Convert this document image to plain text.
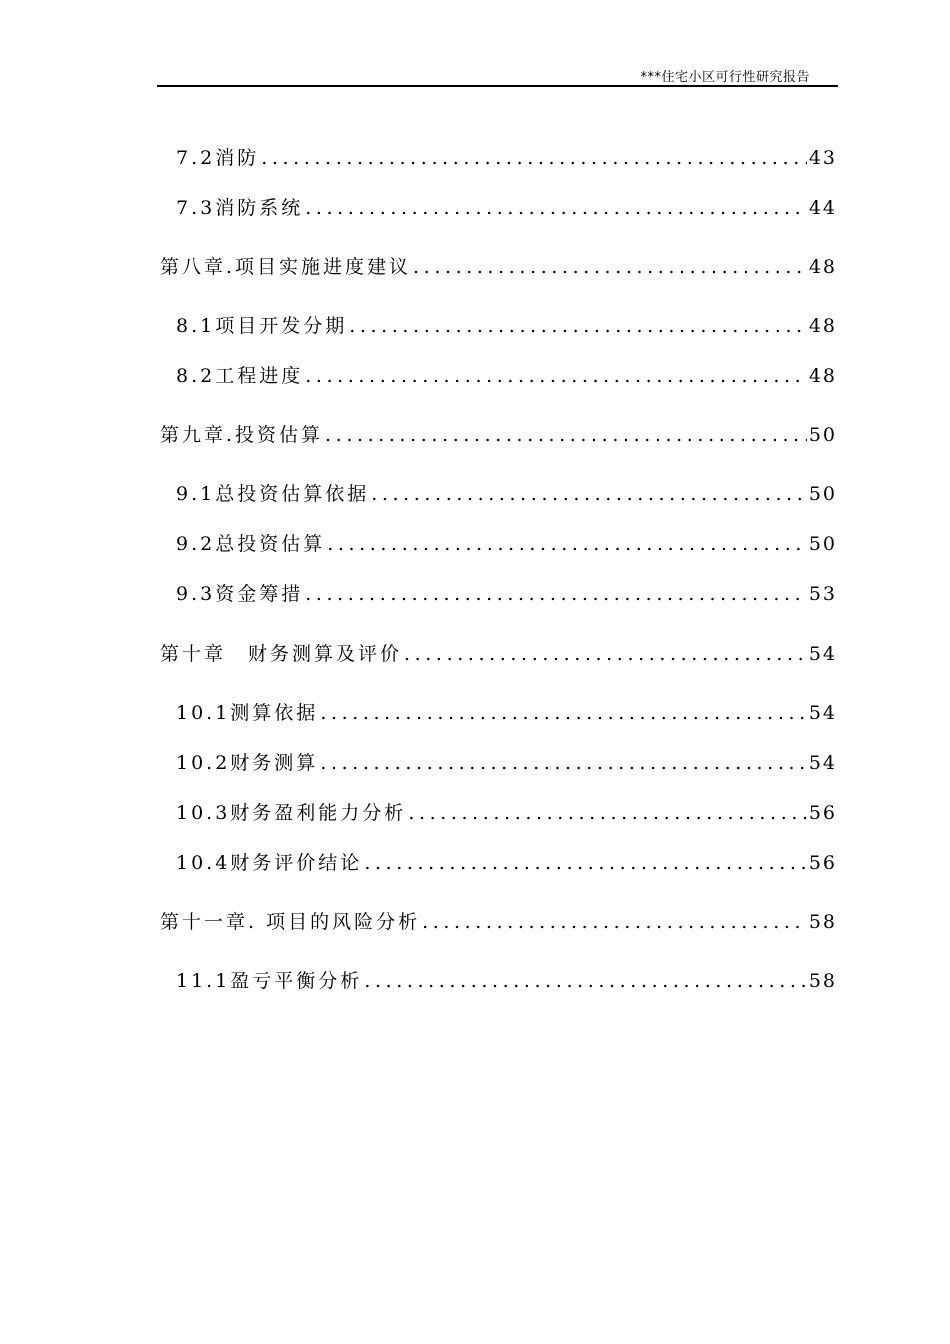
***住宅小区可行性研究报告
7.2消防 .....	43
7.3消防系统 .....	44
第八章.项目实施进度建议 .....	48
8.1项目开发分期 .....	48
8.2工程进度 .....	48
第九章.投资估算 .....	50
9.1总投资估算依据 .....	50
9.2总投资估算 .....	50
9.3资金筹措 .....	53
第十章　财务测算及评价 .....	54
10.1测算依据 .....	54
10.2财务测算 .....	54
10.3财务盈利能力分析 .....	56
10.4财务评价结论 .....	56
第十一章. 项目的风险分析 .....	58
11.1盈亏平衡分析 .....	58
